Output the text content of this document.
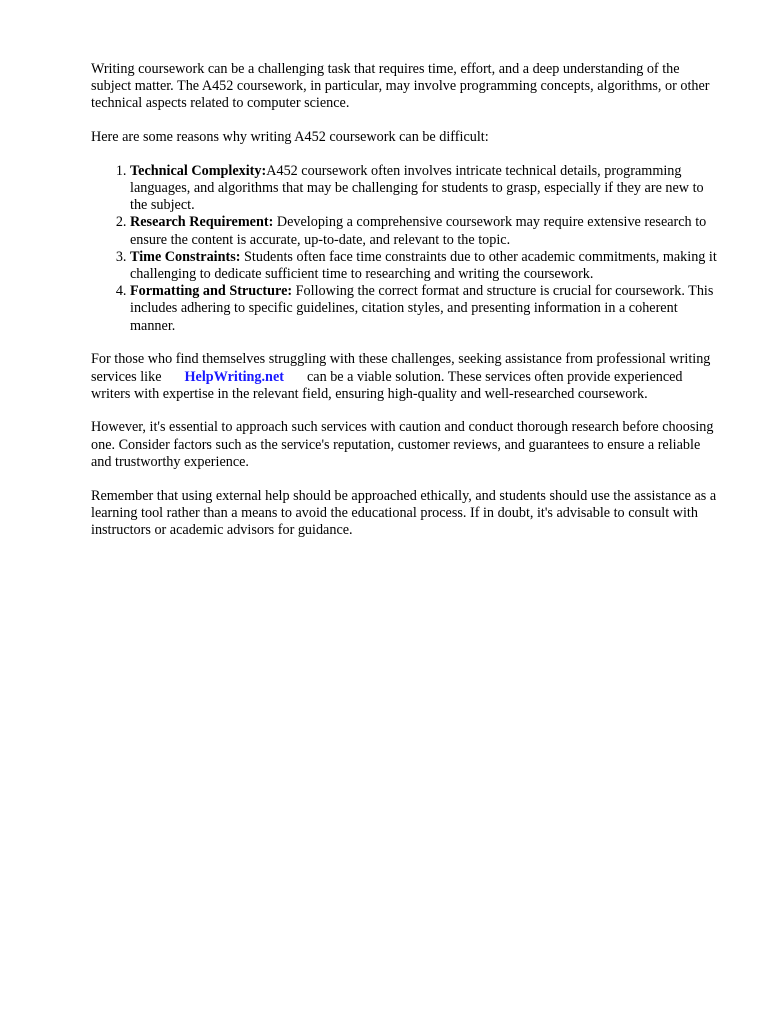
Writing coursework can be a challenging task that requires time, effort, and a deep understanding of the subject matter. The A452 coursework, in particular, may involve programming concepts, algorithms, or other technical aspects related to computer science.

Here are some reasons why writing A452 coursework can be difficult:

1. Technical Complexity:A452 coursework often involves intricate technical details, programming languages, and algorithms that may be challenging for students to grasp, especially if they are new to the subject.
2. Research Requirement: Developing a comprehensive coursework may require extensive research to ensure the content is accurate, up-to-date, and relevant to the topic.
3. Time Constraints: Students often face time constraints due to other academic commitments, making it challenging to dedicate sufficient time to researching and writing the coursework.
4. Formatting and Structure: Following the correct format and structure is crucial for coursework. This includes adhering to specific guidelines, citation styles, and presenting information in a coherent manner.

For those who find themselves struggling with these challenges, seeking assistance from professional writing services like HelpWriting.net can be a viable solution. These services often provide experienced writers with expertise in the relevant field, ensuring high-quality and well-researched coursework.

However, it's essential to approach such services with caution and conduct thorough research before choosing one. Consider factors such as the service's reputation, customer reviews, and guarantees to ensure a reliable and trustworthy experience.

Remember that using external help should be approached ethically, and students should use the assistance as a learning tool rather than a means to avoid the educational process. If in doubt, it's advisable to consult with instructors or academic advisors for guidance.
